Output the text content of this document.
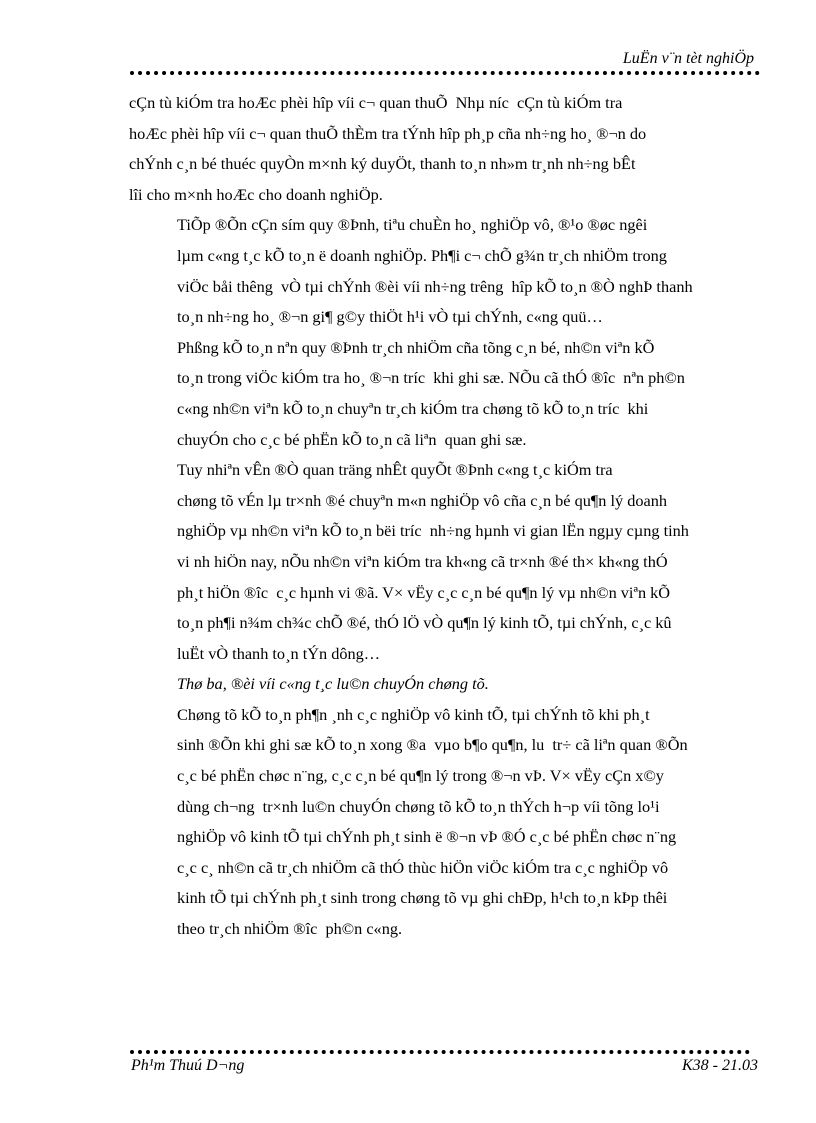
LuËn v¨n tèt nghiÖp
cÇn tù kiÓm tra hoÆc phèi hîp víi c¬ quan thuÕ  Nhµ níc  cÇn tù kiÓm tra
hoÆc phèi hîp víi c¬ quan thuÕ thÈm tra tÝnh hîp ph¸p cña nh÷ng ho¸ ®¬n do
chÝnh c¸n bé thuéc quyÒn m×nh ký duyÖt, thanh to¸n nh»m tr¸nh nh÷ng bÊt
lîi cho m×nh hoÆc cho doanh nghiÖp.
TiÕp ®Õn cÇn sím quy ®Þnh, tiªu chuÈn ho¸ nghiÖp vô, ®¹o ®øc ngêi
lµm c«ng t¸c kÕ to¸n ë doanh nghiÖp. Ph¶i c¬ chÕ g¾n tr¸ch nhiÖm trong
viÖc båi thêng  vÒ tµi chÝnh ®èi víi nh÷ng trêng  hîp kÕ to¸n ®Ò nghÞ thanh
to¸n nh÷ng ho¸ ®¬n gi¶ g©y thiÖt h¹i vÒ tµi chÝnh, c«ng quü…
Phßng kÕ to¸n nªn quy ®Þnh tr¸ch nhiÖm cña tõng c¸n bé, nh©n viªn kÕ
to¸n trong viÖc kiÓm tra ho¸ ®¬n tríc  khi ghi sæ. NÕu cã thÓ ®îc  nªn ph©n
c«ng nh©n viªn kÕ to¸n chuyªn tr¸ch kiÓm tra chøng tõ kÕ to¸n tríc  khi
chuyÓn cho c¸c bé phËn kÕ to¸n cã liªn  quan ghi sæ.
Tuy nhiªn vÊn ®Ò quan träng nhÊt quyÕt ®Þnh c«ng t¸c kiÓm tra
chøng tõ vÉn lµ tr×nh ®é chuyªn m«n nghiÖp vô cña c¸n bé qu¶n lý doanh
nghiÖp vµ nh©n viªn kÕ to¸n bëi tríc  nh÷ng hµnh vi gian lËn ngµy cµng tinh
vi nh hiÖn nay, nÕu nh©n viªn kiÓm tra kh«ng cã tr×nh ®é th× kh«ng thÓ
ph¸t hiÖn ®îc  c¸c hµnh vi ®ã. V× vËy c¸c c¸n bé qu¶n lý vµ nh©n viªn kÕ
to¸n ph¶i n¾m ch¾c chÕ ®é, thÓ lÖ vÒ qu¶n lý kinh tÕ, tµi chÝnh, c¸c kû
luËt vÒ thanh to¸n tÝn dông…
Thø ba, ®èi víi c«ng t¸c lu©n chuyÓn chøng tõ.
Chøng tõ kÕ to¸n ph¶n ¸nh c¸c nghiÖp vô kinh tÕ, tµi chÝnh tõ khi ph¸t
sinh ®Õn khi ghi sæ kÕ to¸n xong ®a  vµo b¶o qu¶n, lu  tr÷ cã liªn quan ®Õn
c¸c bé phËn chøc n¨ng, c¸c c¸n bé qu¶n lý trong ®¬n vÞ. V× vËy cÇn x©y
dùng ch¬ng  tr×nh lu©n chuyÓn chøng tõ kÕ to¸n thÝch h¬p víi tõng lo¹i
nghiÖp vô kinh tÕ tµi chÝnh ph¸t sinh ë ®¬n vÞ ®Ó c¸c bé phËn chøc n¨ng
c¸c c¸ nh©n cã tr¸ch nhiÖm cã thÓ thùc hiÖn viÖc kiÓm tra c¸c nghiÖp vô
kinh tÕ tµi chÝnh ph¸t sinh trong chøng tõ vµ ghi chÐp, h¹ch to¸n kÞp thêi
theo tr¸ch nhiÖm ®îc  ph©n c«ng.
Ph¹m Thuú D¬ng	K38 - 21.03
